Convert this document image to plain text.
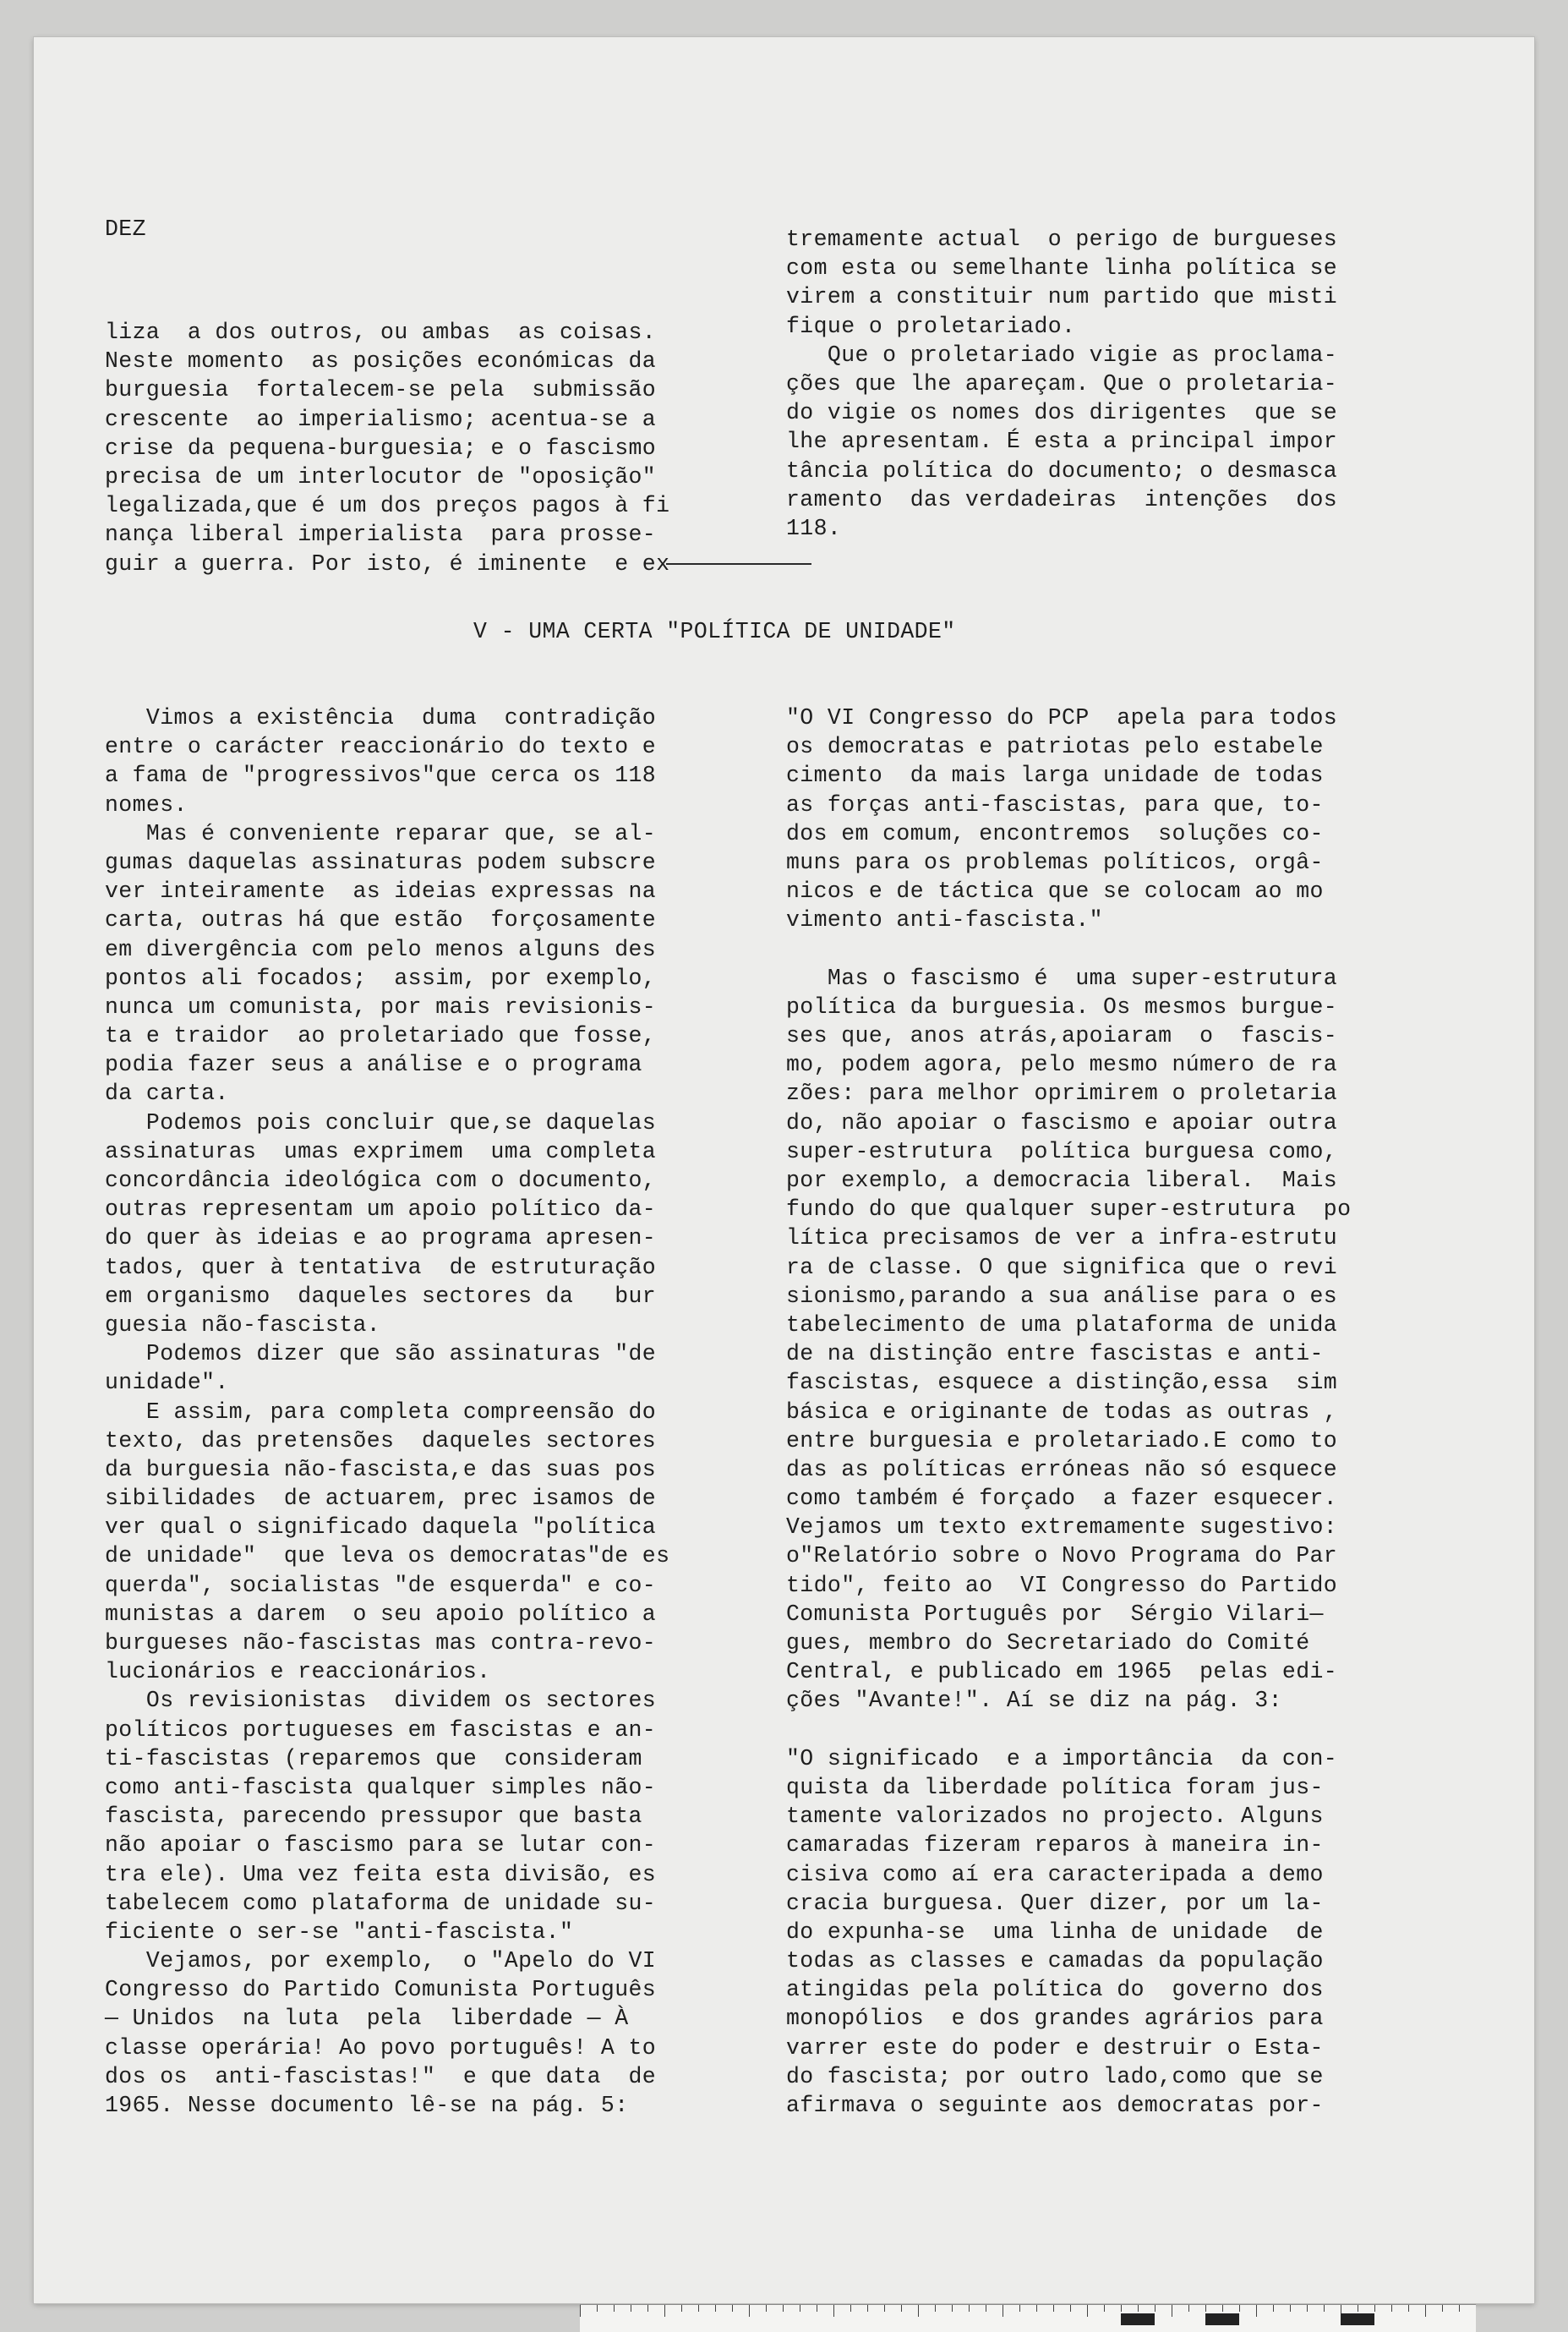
DEZ
liza  a dos outros, ou ambas  as coisas.
Neste momento  as posições económicas da
burguesia  fortalecem-se pela  submissão
crescente  ao imperialismo; acentua-se a
crise da pequena-burguesia; e o fascismo
precisa de um interlocutor de "oposição"
legalizada,que é um dos preços pagos à fi
nança liberal imperialista  para prosse-
guir a guerra. Por isto, é iminente  e ex
tremamente actual  o perigo de burgueses
com esta ou semelhante linha política se
virem a constituir num partido que misti
fique o proletariado.
Que o proletariado vigie as proclama-
ções que lhe apareçam. Que o proletaria-
do vigie os nomes dos dirigentes  que se
lhe apresentam. É esta a principal impor
tância política do documento; o desmasca
ramento  das verdadeiras  intenções  dos
118.
V - UMA CERTA "POLÍTICA DE UNIDADE"
Vimos a existência  duma  contradição
entre o carácter reaccionário do texto e
a fama de "progressivos"que cerca os 118
nomes.
Mas é conveniente reparar que, se al-
gumas daquelas assinaturas podem subscre
ver inteiramente  as ideias expressas na
carta, outras há que estão  forçosamente
em divergência com pelo menos alguns des
pontos ali focados;  assim, por exemplo,
nunca um comunista, por mais revisionis-
ta e traidor  ao proletariado que fosse,
podia fazer seus a análise e o programa
da carta.
Podemos pois concluir que,se daquelas
assinaturas  umas exprimem  uma completa
concordância ideológica com o documento,
outras representam um apoio político da-
do quer às ideias e ao programa apresen-
tados, quer à tentativa  de estruturação
em organismo  daqueles sectores da   bur
guesia não-fascista.
Podemos dizer que são assinaturas "de
unidade".
E assim, para completa compreensão do
texto, das pretensões  daqueles sectores
da burguesia não-fascista,e das suas pos
sibilidades  de actuarem, prec isamos de
ver qual o significado daquela "política
de unidade"  que leva os democratas"de es
querda", socialistas "de esquerda" e co-
munistas a darem  o seu apoio político a
burgueses não-fascistas mas contra-revo-
lucionários e reaccionários.
Os revisionistas  dividem os sectores
políticos portugueses em fascistas e an-
ti-fascistas (reparemos que  consideram
como anti-fascista qualquer simples não-
fascista, parecendo pressupor que basta
não apoiar o fascismo para se lutar con-
tra ele). Uma vez feita esta divisão, es
tabelecem como plataforma de unidade su-
ficiente o ser-se "anti-fascista."
Vejamos, por exemplo,  o "Apelo do VI
Congresso do Partido Comunista Português
— Unidos  na luta  pela  liberdade — À
classe operária! Ao povo português! A to
dos os  anti-fascistas!"  e que data  de
1965. Nesse documento lê-se na pág. 5:
"O VI Congresso do PCP  apela para todos
os democratas e patriotas pelo estabele
cimento  da mais larga unidade de todas
as forças anti-fascistas, para que, to-
dos em comum, encontremos  soluções co-
muns para os problemas políticos, orgâ-
nicos e de táctica que se colocam ao mo
vimento anti-fascista."
Mas o fascismo é  uma super-estrutura
política da burguesia. Os mesmos burgue-
ses que, anos atrás,apoiaram  o  fascis-
mo, podem agora, pelo mesmo número de ra
zões: para melhor oprimirem o proletaria
do, não apoiar o fascismo e apoiar outra
super-estrutura  política burguesa como,
por exemplo, a democracia liberal.  Mais
fundo do que qualquer super-estrutura  po
lítica precisamos de ver a infra-estrutu
ra de classe. O que significa que o revi
sionismo,parando a sua análise para o es
tabelecimento de uma plataforma de unida
de na distinção entre fascistas e anti-
fascistas, esquece a distinção,essa  sim
básica e originante de todas as outras ,
entre burguesia e proletariado.E como to
das as políticas erróneas não só esquece
como também é forçado  a fazer esquecer.
Vejamos um texto extremamente sugestivo:
o"Relatório sobre o Novo Programa do Par
tido", feito ao  VI Congresso do Partido
Comunista Português por  Sérgio Vilari—
gues, membro do Secretariado do Comité
Central, e publicado em 1965  pelas edi-
ções "Avante!". Aí se diz na pág. 3:
"O significado  e a importância  da con-
quista da liberdade política foram jus-
tamente valorizados no projecto. Alguns
camaradas fizeram reparos à maneira in-
cisiva como aí era caracteripada a demo
cracia burguesa. Quer dizer, por um la-
do expunha-se  uma linha de unidade  de
todas as classes e camadas da população
atingidas pela política do  governo dos
monopólios  e dos grandes agrários para
varrer este do poder e destruir o Esta-
do fascista; por outro lado,como que se
afirmava o seguinte aos democratas por-
